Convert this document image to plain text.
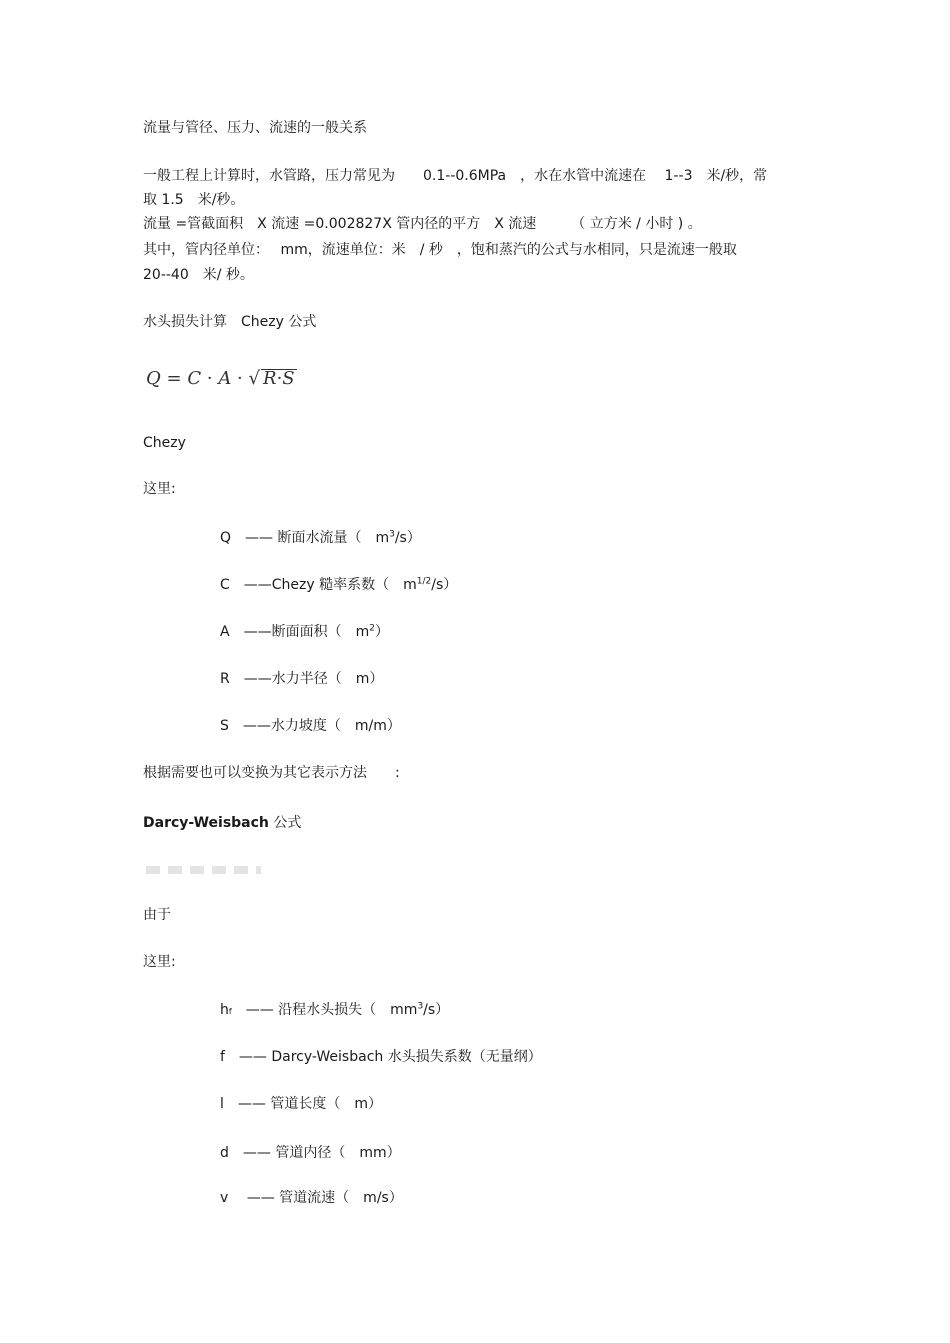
流量与管径、压力、流速的一般关系
一般工程上计算时，水管路，压力常见为　　0.1--0.6MPa　，水在水管中流速在　 1--3　米/秒，常
取 1.5　米/秒。
流量 =管截面积　X 流速 =0.002827X 管内径的平方　X 流速　　　（ 立方米 / 小时 ) 。
其中，管内径单位：　 mm，流速单位：米　/ 秒　，饱和蒸汽的公式与水相同，只是流速一般取
20--40　米/ 秒。
水头损失计算　Chezy 公式
Q = C · A · √ R·S
Chezy
这里:
Q　—— 断面水流量（　$m^3/s$）
C　——Chezy 糙率系数（　$m^{1/2}/s$）
A　——断面面积（　$m^2$）
R　——水力半径（　m）
S　——水力坡度（　m/m）
根据需要也可以变换为其它表示方法　　:
Darcy-Weisbach 公式
由于
这里:
hf　—— 沿程水头损失（　$mm^3/s$）
f　—— Darcy-Weisbach 水头损失系数（无量纲）
l　—— 管道长度（　m）
d　—— 管道内径（　mm）
v　 —— 管道流速（　m/s）
